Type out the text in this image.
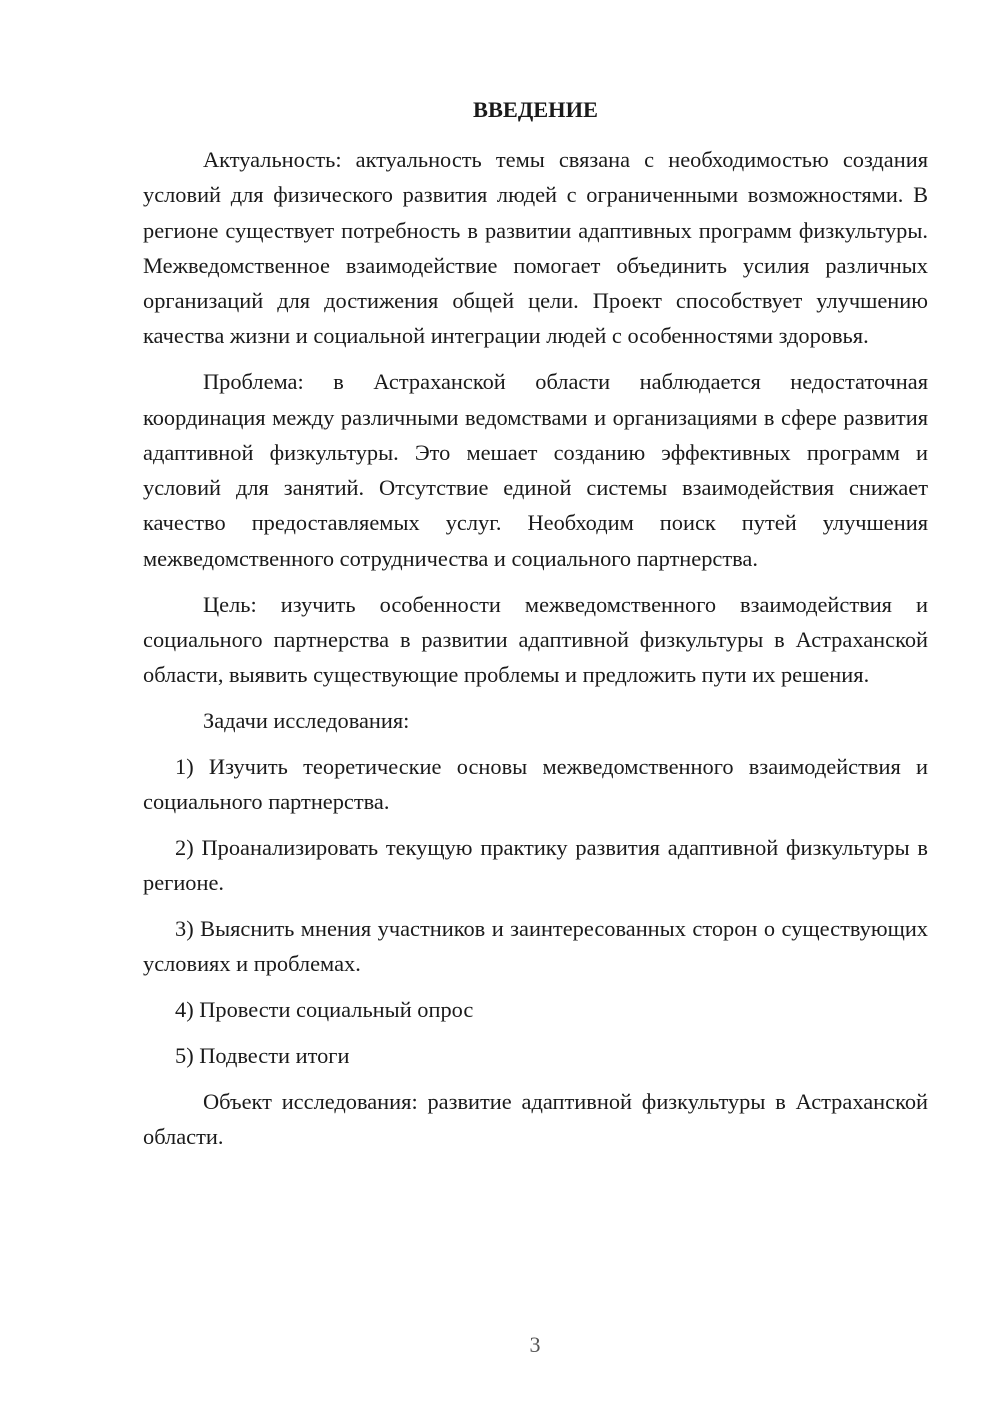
ВВЕДЕНИЕ

Актуальность: актуальность темы связана с необходимостью создания условий для физического развития людей с ограниченными возможностями. В регионе существует потребность в развитии адаптивных программ физкультуры. Межведомственное взаимодействие помогает объединить усилия различных организаций для достижения общей цели. Проект способствует улучшению качества жизни и социальной интеграции людей с особенностями здоровья.

Проблема: в Астраханской области наблюдается недостаточная координация между различными ведомствами и организациями в сфере развития адаптивной физкультуры. Это мешает созданию эффективных программ и условий для занятий. Отсутствие единой системы взаимодействия снижает качество предоставляемых услуг. Необходим поиск путей улучшения межведомственного сотрудничества и социального партнерства.

Цель: изучить особенности межведомственного взаимодействия и социального партнерства в развитии адаптивной физкультуры в Астраханской области, выявить существующие проблемы и предложить пути их решения.

Задачи исследования:

1) Изучить теоретические основы межведомственного взаимодействия и социального партнерства.

2) Проанализировать текущую практику развития адаптивной физкультуры в регионе.

3) Выяснить мнения участников и заинтересованных сторон о существующих условиях и проблемах.

4) Провести социальный опрос

5) Подвести итоги

Объект исследования: развитие адаптивной физкультуры в Астраханской области.

3
